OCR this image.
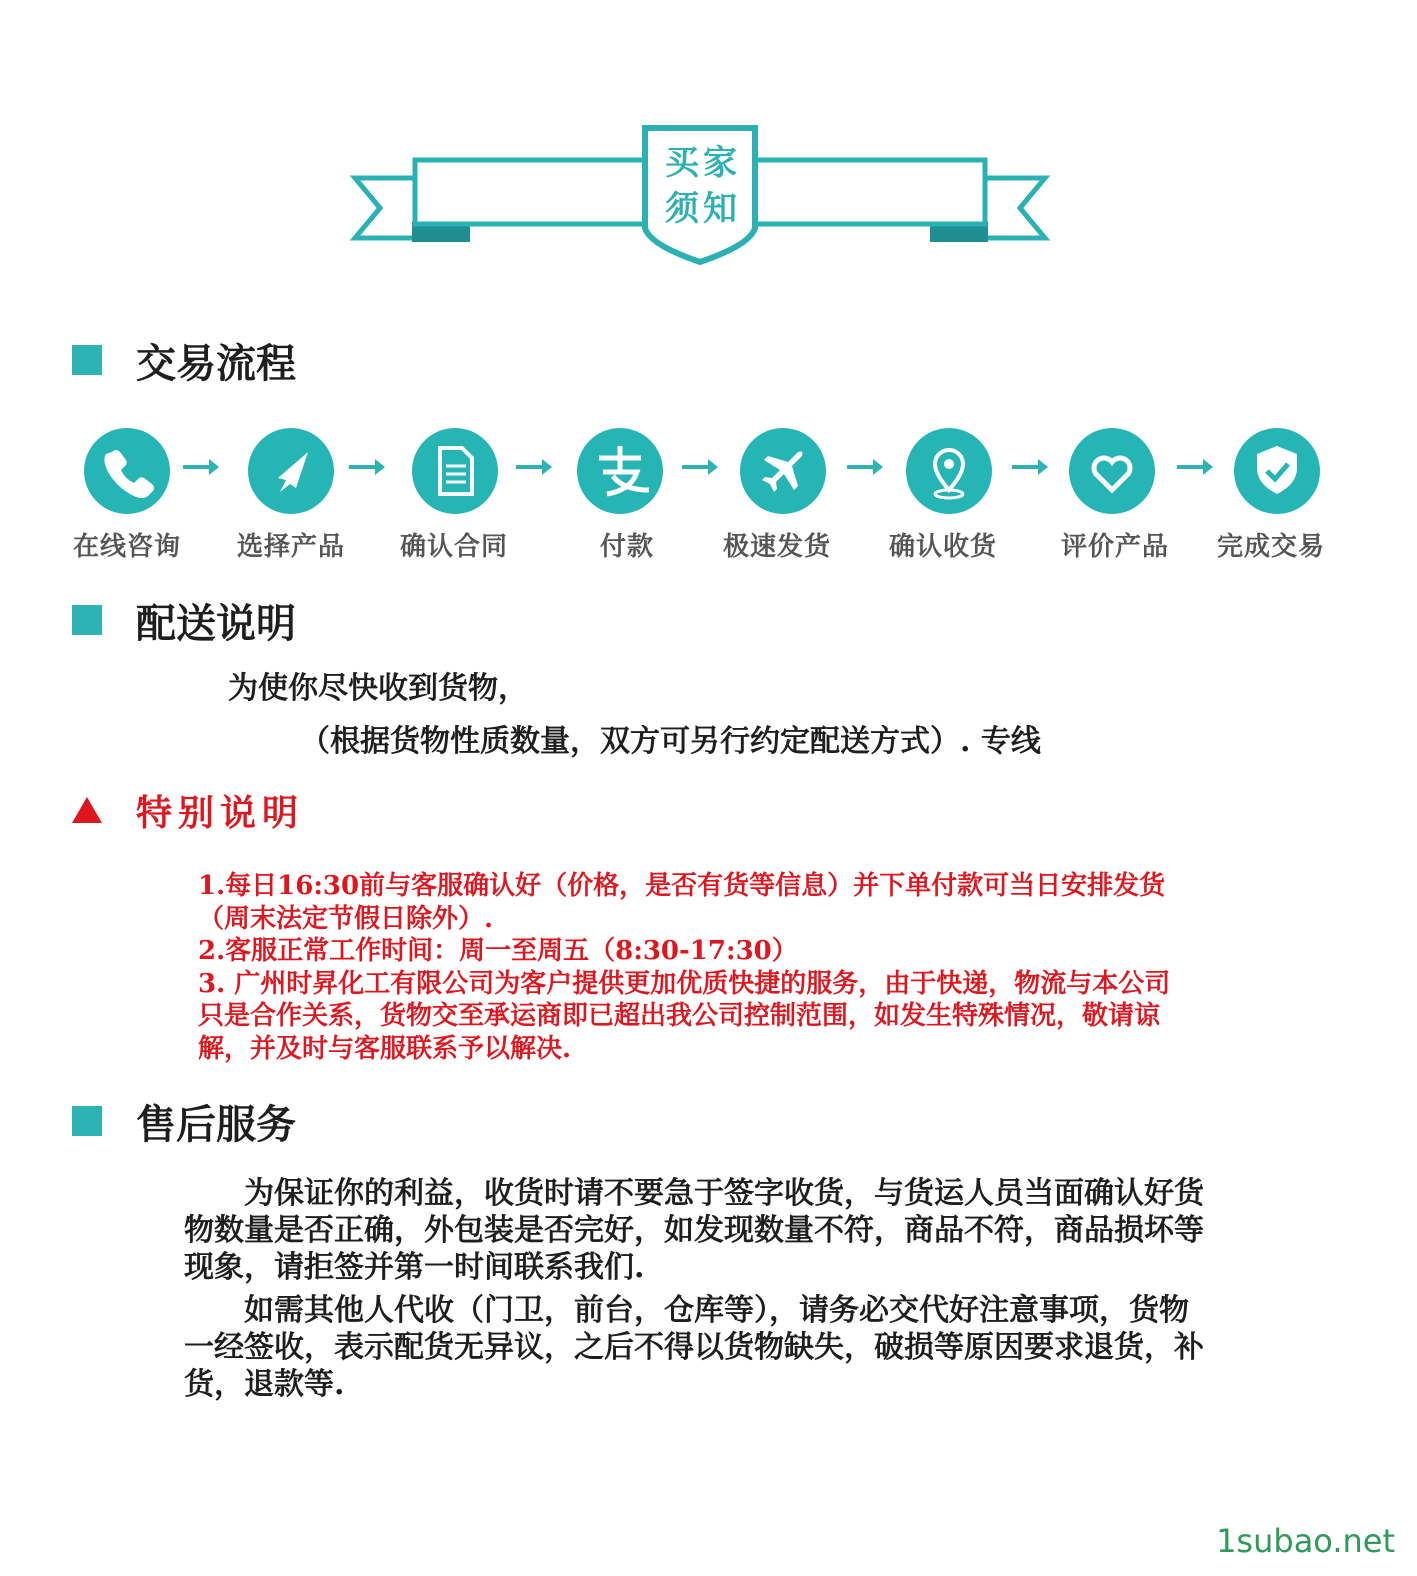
买家
须知
交易流程
在线咨询	选择产品	确认合同	付款	极速发货	确认收货	评价产品	完成交易
配送说明
为使你尽快收到货物，
（根据货物性质数量，双方可另行约定配送方式）. 专线
特别说明

1.每日16:30前与客服确认好（价格，是否有货等信息）并下单付款可当日安排发货（周末法定节假日除外）.

2.客服正常工作时间：周一至周五（8:30-17:30）

3. 广州时昇化工有限公司为客户提供更加优质快捷的服务，由于快递，物流与本公司只是合作关系，货物交至承运商即已超出我公司控制范围，如发生特殊情况，敬请谅解，并及时与客服联系予以解决.

售后服务

为保证你的利益，收货时请不要急于签字收货，与货运人员当面确认好货物数量是否正确，外包装是否完好，如发现数量不符，商品不符，商品损坏等现象，请拒签并第一时间联系我们.

如需其他人代收（门卫，前台，仓库等），请务必交代好注意事项，货物一经签收，表示配货无异议，之后不得以货物缺失，破损等原因要求退货，补货，退款等.

1subao.net
